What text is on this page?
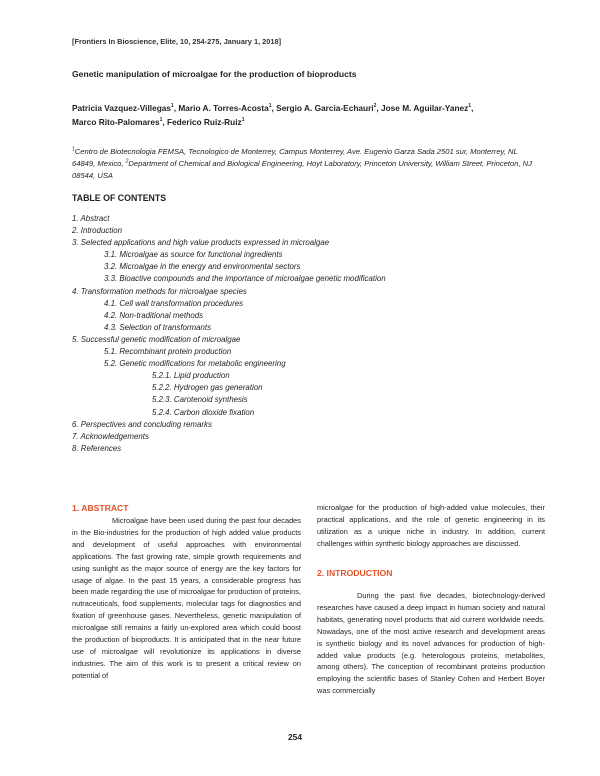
[Frontiers In Bioscience, Elite, 10, 254-275, January 1, 2018]
Genetic manipulation of microalgae for the production of bioproducts
Patricia Vazquez-Villegas$^1$, Mario A. Torres-Acosta$^1$, Sergio A. Garcia-Echauri$^2$, Jose M. Aguilar-Yanez$^1$,
Marco Rito-Palomares$^1$, Federico Ruiz-Ruiz$^1$
$^1$Centro de Biotecnologia FEMSA, Tecnologico de Monterrey, Campus Monterrey, Ave. Eugenio Garza Sada 2501 sur, Monterrey, NL 64849, Mexico, $^2$Department of Chemical and Biological Engineering, Hoyt Laboratory, Princeton University, William Street, Princeton, NJ 08544, USA
TABLE OF CONTENTS
1. Abstract
2. Introduction
3. Selected applications and high value products expressed in microalgae
3.1. Microalgae as source for functional ingredients
3.2. Microalgae in the energy and environmental sectors
3.3. Bioactive compounds and the importance of microalgae genetic modification
4. Transformation methods for microalgae species
4.1. Cell wall transformation procedures
4.2. Non-traditional methods
4.3. Selection of transformants
5. Successful genetic modification of microalgae
5.1. Recombinant protein production
5.2. Genetic modifications for metabolic engineering
5.2.1. Lipid production
5.2.2. Hydrogen gas generation
5.2.3. Carotenoid synthesis
5.2.4. Carbon dioxide fixation
6. Perspectives and concluding remarks
7. Acknowledgements
8. References
1. ABSTRACT

Microalgae have been used during the past four decades in the Bio-industries for the production of high added value products and development of useful approaches with environmental applications. The fast growing rate, simple growth requirements and using sunlight as the major source of energy are the key factors for usage of algae. In the past 15 years, a considerable progress has been made regarding the use of microalgae for production of proteins, nutraceuticals, food supplements, molecular tags for diagnostics and fixation of greenhouse gases. Nevertheless, genetic manipulation of microalgae still remains a fairly un-explored area which could boost the production of bioproducts. It is anticipated that in the near future use of microalgae will revolutionize its applications in diverse industries. The aim of this work is to present a critical review on potential of

microalgae for the production of high-added value molecules, their practical applications, and the role of genetic engineering in its utilization as a unique niche in industry. In addition, current challenges within synthetic biology approaches are discussed.

2. INTRODUCTION

During the past five decades, biotechnology-derived researches have caused a deep impact in human society and natural habitats, generating novel products that aid current worldwide needs. Nowadays, one of the most active research and development areas is synthetic biology and its novel advances for production of high-added value products (e.g. heterologous proteins, metabolites, among others). The conception of recombinant proteins production employing the scientific bases of Stanley Cohen and Herbert Boyer was commercially

254
